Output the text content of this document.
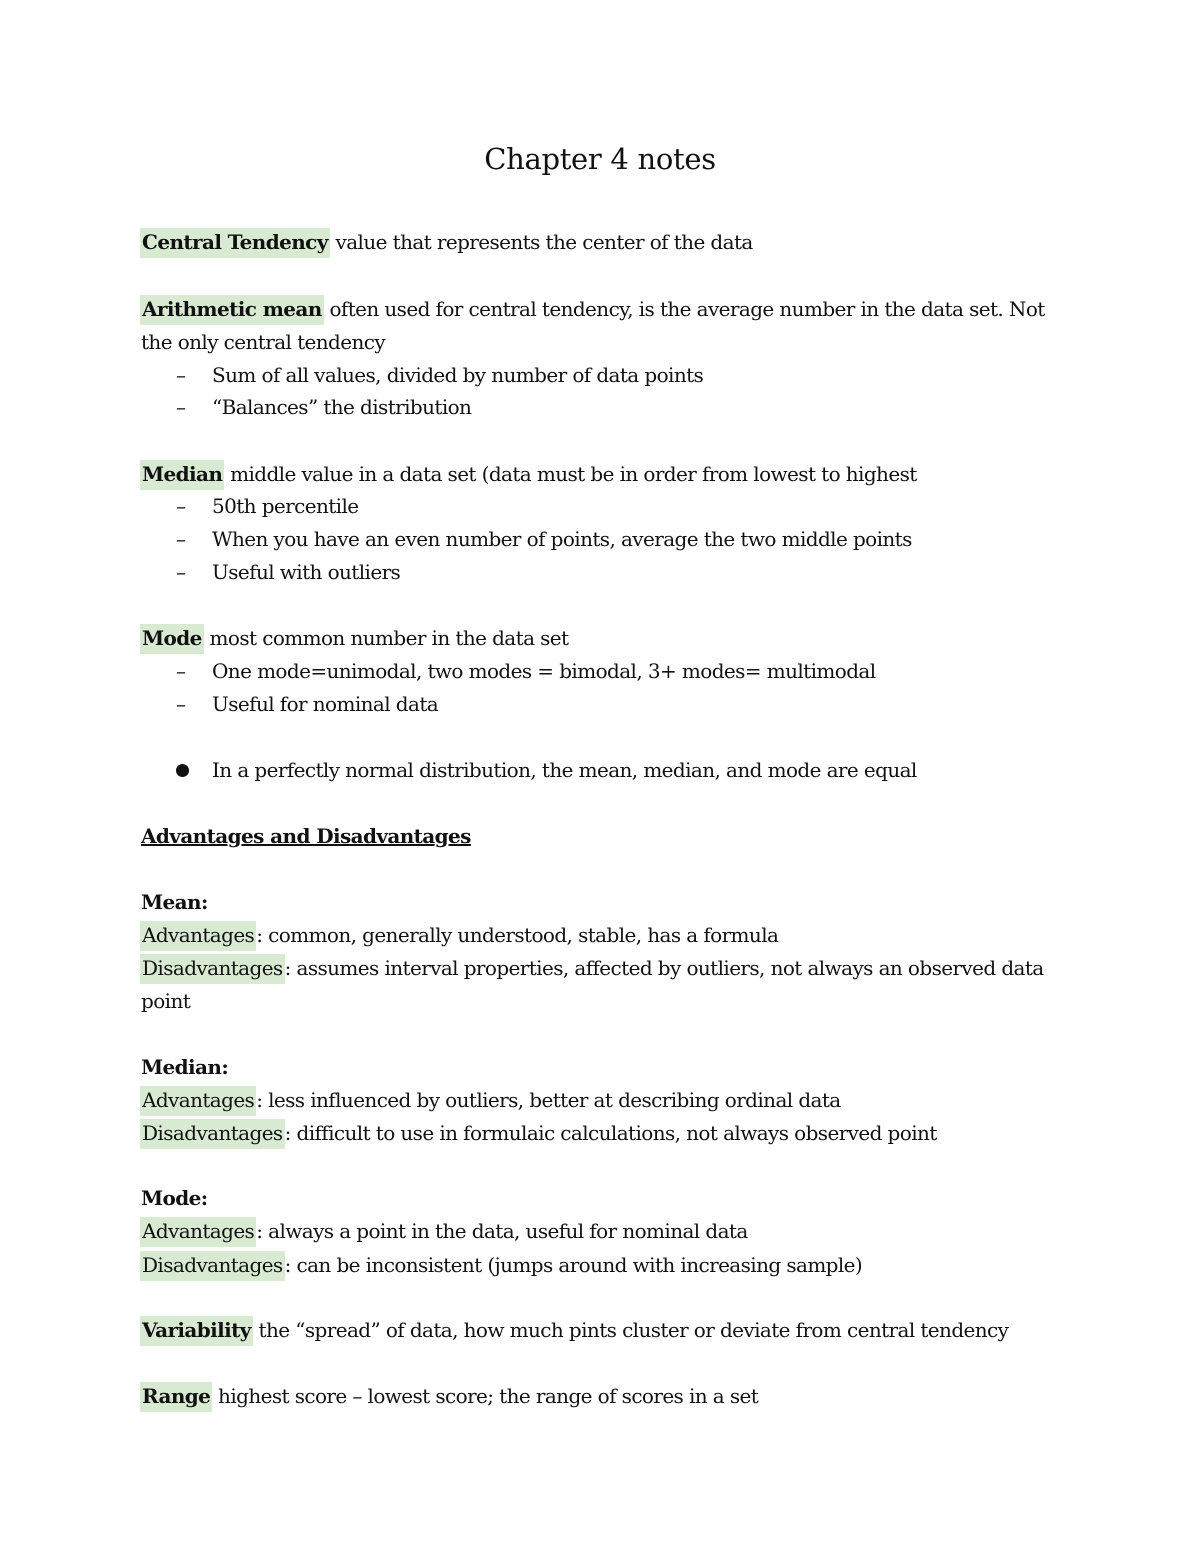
Chapter 4 notes
Central Tendency value that represents the center of the data
Arithmetic mean often used for central tendency, is the average number in the data set. Not
the only central tendency
– Sum of all values, divided by number of data points
– “Balances” the distribution
Median middle value in a data set (data must be in order from lowest to highest
– 50th percentile
– When you have an even number of points, average the two middle points
– Useful with outliers
Mode most common number in the data set
– One mode=unimodal, two modes = bimodal, 3+ modes= multimodal
– Useful for nominal data
In a perfectly normal distribution, the mean, median, and mode are equal
Advantages and Disadvantages
Mean:
Advantages : common, generally understood, stable, has a formula
Disadvantages : assumes interval properties, affected by outliers, not always an observed data
point
Median:
Advantages : less influenced by outliers, better at describing ordinal data
Disadvantages : difficult to use in formulaic calculations, not always observed point
Mode:
Advantages : always a point in the data, useful for nominal data
Disadvantages : can be inconsistent (jumps around with increasing sample)
Variability the “spread” of data, how much pints cluster or deviate from central tendency
Range highest score – lowest score; the range of scores in a set
